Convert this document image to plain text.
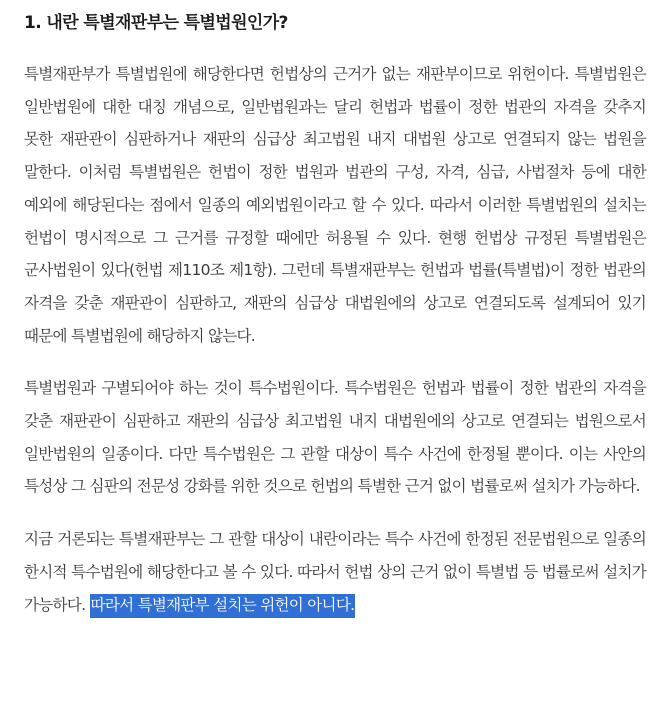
1. 내란 특별재판부는 특별법원인가?

특별재판부가 특별법원에 해당한다면 헌법상의 근거가 없는 재판부이므로 위헌이다. 특별법원은 일반법원에 대한 대칭 개념으로, 일반법원과는 달리 헌법과 법률이 정한 법관의 자격을 갖추지 못한 재판관이 심판하거나 재판의 심급상 최고법원 내지 대법원 상고로 연결되지 않는 법원을 말한다. 이처럼 특별법원은 헌법이 정한 법원과 법관의 구성, 자격, 심급, 사법절차 등에 대한 예외에 해당된다는 점에서 일종의 예외법원이라고 할 수 있다. 따라서 이러한 특별법원의 설치는 헌법이 명시적으로 그 근거를 규정할 때에만 허용될 수 있다. 현행 헌법상 규정된 특별법원은 군사법원이 있다(헌법 제110조 제1항). 그런데 특별재판부는 헌법과 법률(특별법)이 정한 법관의 자격을 갖춘 재판관이 심판하고, 재판의 심급상 대법원에의 상고로 연결되도록 설계되어 있기 때문에 특별법원에 해당하지 않는다.

특별법원과 구별되어야 하는 것이 특수법원이다. 특수법원은 헌법과 법률이 정한 법관의 자격을 갖춘 재판관이 심판하고 재판의 심급상 최고법원 내지 대법원에의 상고로 연결되는 법원으로서 일반법원의 일종이다. 다만 특수법원은 그 관할 대상이 특수 사건에 한정될 뿐이다. 이는 사안의 특성상 그 심판의 전문성 강화를 위한 것으로 헌법의 특별한 근거 없이 법률로써 설치가 가능하다.

지금 거론되는 특별재판부는 그 관할 대상이 내란이라는 특수 사건에 한정된 전문법원으로 일종의 한시적 특수법원에 해당한다고 볼 수 있다. 따라서 헌법 상의 근거 없이 특별법 등 법률로써 설치가 가능하다. 따라서 특별재판부 설치는 위헌이 아니다.
